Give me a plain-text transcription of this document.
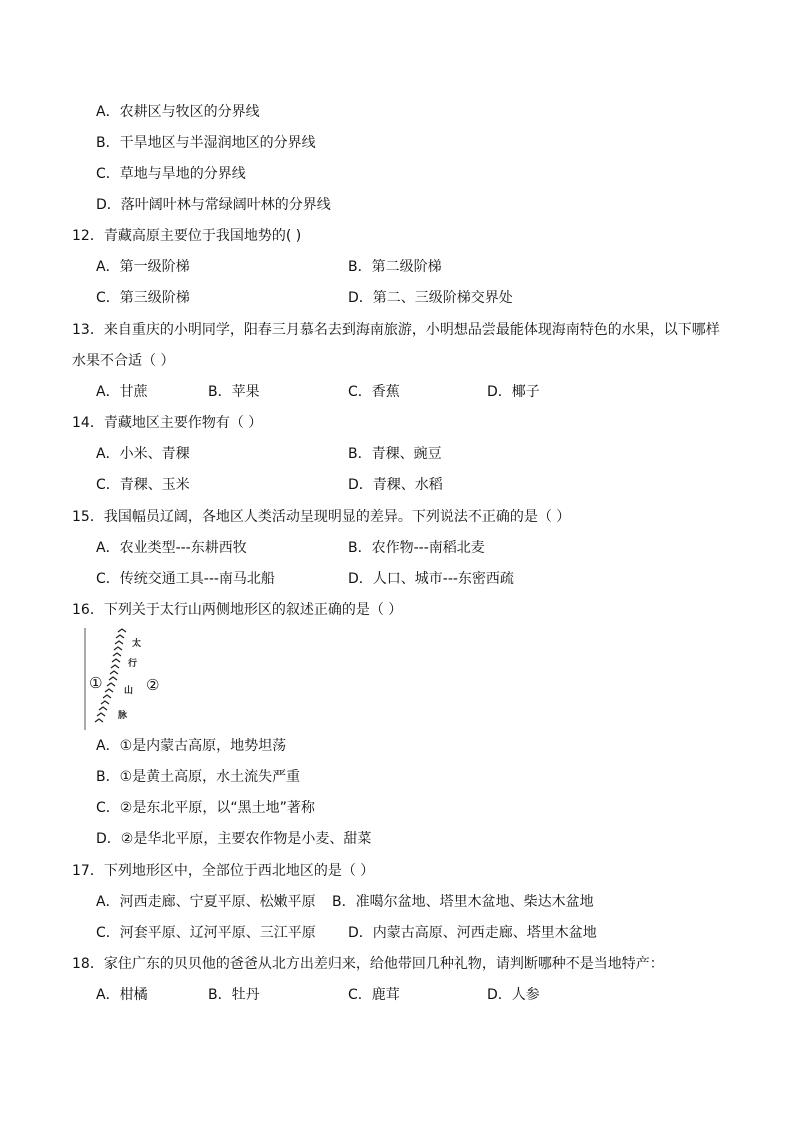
A．农耕区与牧区的分界线
B．干旱地区与半湿润地区的分界线
C．草地与旱地的分界线
D．落叶阔叶林与常绿阔叶林的分界线
12．青藏高原主要位于我国地势的( )
A．第一级阶梯	B．第二级阶梯
C．第三级阶梯	D．第二、三级阶梯交界处
13．来自重庆的小明同学，阳春三月慕名去到海南旅游，小明想品尝最能体现海南特色的水果，以下哪样
水果不合适（ ）
A．甘蔗	B．苹果	C．香蕉	D．椰子
14．青藏地区主要作物有（ ）
A．小米、青稞	B．青稞、豌豆
C．青稞、玉米	D．青稞、水稻
15．我国幅员辽阔，各地区人类活动呈现明显的差异。下列说法不正确的是（ ）
A．农业类型---东耕西牧	B．农作物---南稻北麦
C．传统交通工具---南马北船	D．人口、城市---东密西疏
16．下列关于太行山两侧地形区的叙述正确的是（ ）
太
行
山
脉
①	②
A．①是内蒙古高原，地势坦荡
B．①是黄土高原，水土流失严重
C．②是东北平原，以“黑土地”著称
D．②是华北平原，主要农作物是小麦、甜菜
17．下列地形区中，全部位于西北地区的是（ ）
A．河西走廊、宁夏平原、松嫩平原 B．准噶尔盆地、塔里木盆地、柴达木盆地
C．河套平原、辽河平原、三江平原 D．内蒙古高原、河西走廊、塔里木盆地
18．家住广东的贝贝他的爸爸从北方出差归来，给他带回几种礼物，请判断哪种不是当地特产：
A．柑橘	B．牡丹	C．鹿茸	D．人参
